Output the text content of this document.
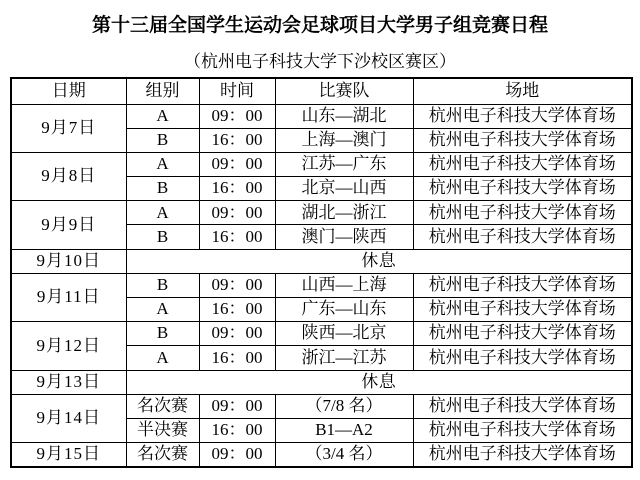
第十三届全国学生运动会足球项目大学男子组竞赛日程
（杭州电子科技大学下沙校区赛区）
日期	组别	时间	比赛队	场地
9月7日	A	09：00	山东—湖北	杭州电子科技大学体育场
	B	16：00	上海—澳门	杭州电子科技大学体育场
9月8日	A	09：00	江苏—广东	杭州电子科技大学体育场
	B	16：00	北京—山西	杭州电子科技大学体育场
9月9日	A	09：00	湖北—浙江	杭州电子科技大学体育场
	B	16：00	澳门—陕西	杭州电子科技大学体育场
9月10日	休息			
9月11日	B	09：00	山西—上海	杭州电子科技大学体育场
	A	16：00	广东—山东	杭州电子科技大学体育场
9月12日	B	09：00	陕西—北京	杭州电子科技大学体育场
	A	16：00	浙江—江苏	杭州电子科技大学体育场
9月13日	休息			
9月14日	名次赛	09：00	（7/8 名）	杭州电子科技大学体育场
	半决赛	16：00	B1—A2	杭州电子科技大学体育场
9月15日	名次赛	09：00	（3/4 名）	杭州电子科技大学体育场
